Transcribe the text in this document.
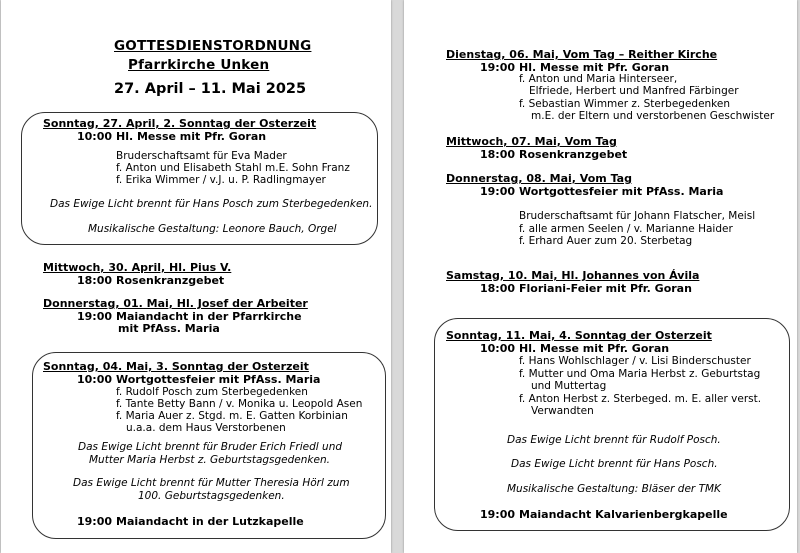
GOTTESDIENSTORDNUNG
Pfarrkirche Unken
27. April – 11. Mai 2025
Sonntag, 27. April, 2. Sonntag der Osterzeit
10:00 Hl. Messe mit Pfr. Goran
Bruderschaftsamt für Eva Mader
f. Anton und Elisabeth Stahl m.E. Sohn Franz
f. Erika Wimmer / v.J. u. P. Radlingmayer
Das Ewige Licht brennt für Hans Posch zum Sterbegedenken.
Musikalische Gestaltung: Leonore Bauch, Orgel
Mittwoch, 30. April, Hl. Pius V.
18:00 Rosenkranzgebet
Donnerstag, 01. Mai, Hl. Josef der Arbeiter
19:00 Maiandacht in der Pfarrkirche
mit PfAss. Maria
Sonntag, 04. Mai, 3. Sonntag der Osterzeit
10:00 Wortgottesfeier mit PfAss. Maria
f. Rudolf Posch zum Sterbegedenken
f. Tante Betty Bann / v. Monika u. Leopold Asen
f. Maria Auer z. Stgd. m. E. Gatten Korbinian
u.a.a. dem Haus Verstorbenen
Das Ewige Licht brennt für Bruder Erich Friedl und
Mutter Maria Herbst z. Geburtstagsgedenken.
Das Ewige Licht brennt für Mutter Theresia Hörl zum
100. Geburtstagsgedenken.
19:00 Maiandacht in der Lutzkapelle
Dienstag, 06. Mai, Vom Tag – Reither Kirche
19:00 Hl. Messe mit Pfr. Goran
f. Anton und Maria Hinterseer,
Elfriede, Herbert und Manfred Färbinger
f. Sebastian Wimmer z. Sterbegedenken
m.E. der Eltern und verstorbenen Geschwister
Mittwoch, 07. Mai, Vom Tag
18:00 Rosenkranzgebet
Donnerstag, 08. Mai, Vom Tag
19:00 Wortgottesfeier mit PfAss. Maria
Bruderschaftsamt für Johann Flatscher, Meisl
f. alle armen Seelen / v. Marianne Haider
f. Erhard Auer zum 20. Sterbetag
Samstag, 10. Mai, Hl. Johannes von Ávila
18:00 Floriani-Feier mit Pfr. Goran
Sonntag, 11. Mai, 4. Sonntag der Osterzeit
10:00 Hl. Messe mit Pfr. Goran
f. Hans Wohlschlager / v. Lisi Binderschuster
f. Mutter und Oma Maria Herbst z. Geburtstag
und Muttertag
f. Anton Herbst z. Sterbeged. m. E. aller verst.
Verwandten
Das Ewige Licht brennt für Rudolf Posch.
Das Ewige Licht brennt für Hans Posch.
Musikalische Gestaltung: Bläser der TMK
19:00 Maiandacht Kalvarienbergkapelle
